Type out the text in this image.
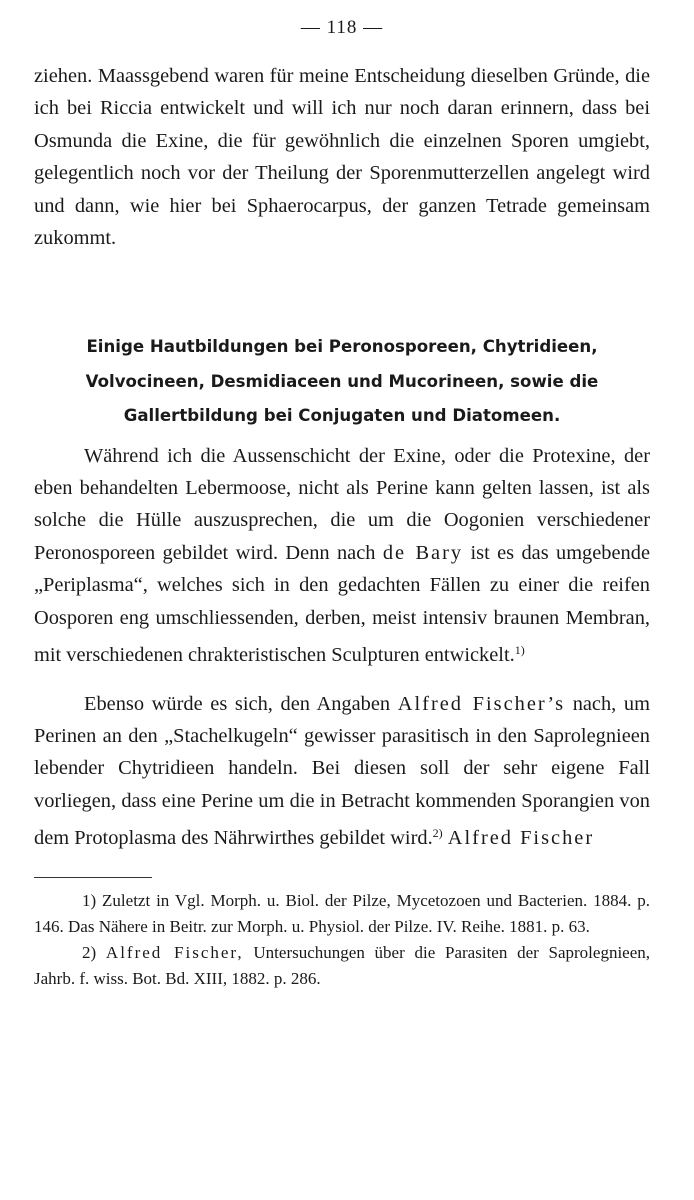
— 118 —

ziehen. Maassgebend waren für meine Entscheidung dieselben Gründe, die ich bei Riccia entwickelt und will ich nur noch daran erinnern, dass bei Osmunda die Exine, die für gewöhnlich die einzelnen Sporen umgiebt, gelegentlich noch vor der Theilung der Sporenmutterzellen angelegt wird und dann, wie hier bei Sphaerocarpus, der ganzen Tetrade gemeinsam zukommt.

Einige Hautbildungen bei Peronosporeen, Chytridieen,

Volvocineen, Desmidiaceen und Mucorineen, sowie die

Gallertbildung bei Conjugaten und Diatomeen.

Während ich die Aussenschicht der Exine, oder die Protexine, der eben behandelten Lebermoose, nicht als Perine kann gelten lassen, ist als solche die Hülle auszusprechen, die um die Oogonien verschiedener Peronosporeen gebildet wird. Denn nach de Bary ist es das umgebende „Periplasma“, welches sich in den gedachten Fällen zu einer die reifen Oosporen eng umschliessenden, derben, meist intensiv braunen Membran, mit verschiedenen chrakteristischen Sculpturen entwickelt.$^{1)}$

Ebenso würde es sich, den Angaben Alfred Fischer’s nach, um Perinen an den „Stachelkugeln“ gewisser parasitisch in den Saprolegnieen lebender Chytridieen handeln. Bei diesen soll der sehr eigene Fall vorliegen, dass eine Perine um die in Betracht kommenden Sporangien von dem Protoplasma des Nährwirthes gebildet wird.$^{2)}$ Alfred Fischer

1) Zuletzt in Vgl. Morph. u. Biol. der Pilze, Mycetozoen und Bacterien. 1884. p. 146. Das Nähere in Beitr. zur Morph. u. Physiol. der Pilze. IV. Reihe. 1881. p. 63.

2) Alfred Fischer, Untersuchungen über die Parasiten der Saprolegnieen, Jahrb. f. wiss. Bot. Bd. XIII, 1882. p. 286.
